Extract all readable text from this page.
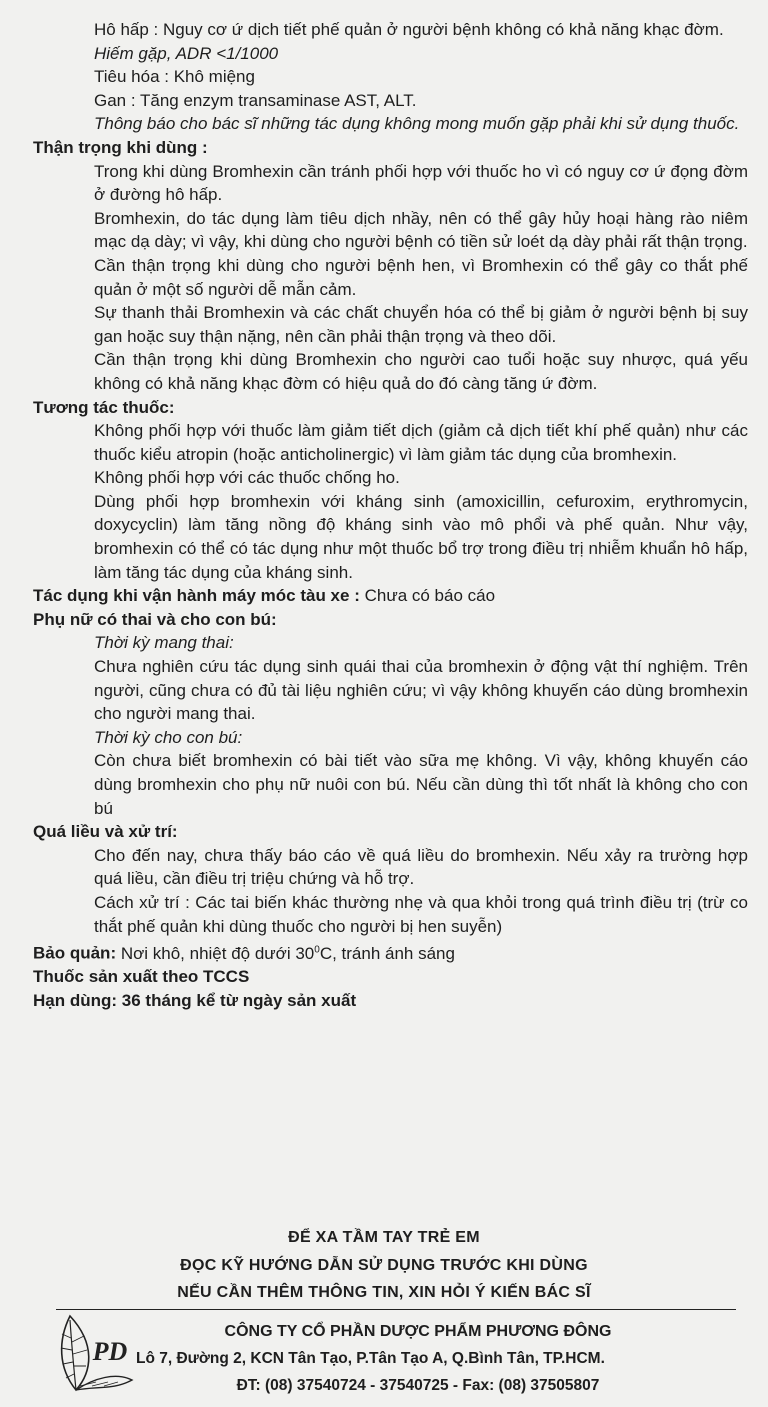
Hô hấp : Nguy cơ ứ dịch tiết phế quản ở người bệnh không có khả năng khạc đờm.

Hiếm gặp, ADR <1/1000

Tiêu hóa : Khô miệng

Gan : Tăng enzym transaminase AST, ALT.

Thông báo cho bác sĩ những tác dụng không mong muốn gặp phải khi sử dụng thuốc.

Thận trọng khi dùng :

Trong khi dùng Bromhexin cần tránh phối hợp với thuốc ho vì có nguy cơ ứ đọng đờm ở đường hô hấp.

Bromhexin, do tác dụng làm tiêu dịch nhầy, nên có thể gây hủy hoại hàng rào niêm mạc dạ dày; vì vậy, khi dùng cho người bệnh có tiền sử loét dạ dày phải rất thận trọng.

Cần thận trọng khi dùng cho người bệnh hen, vì Bromhexin có thể gây co thắt phế quản ở một số người dễ mẫn cảm.

Sự thanh thải Bromhexin và các chất chuyển hóa có thể bị giảm ở người bệnh bị suy gan hoặc suy thận nặng, nên cần phải thận trọng và theo dõi.

Cần thận trọng khi dùng Bromhexin cho người cao tuổi hoặc suy nhược, quá yếu không có khả năng khạc đờm có hiệu quả do đó càng tăng ứ đờm.

Tương tác thuốc:

Không phối hợp với thuốc làm giảm tiết dịch (giảm cả dịch tiết khí phế quản) như các thuốc kiểu atropin (hoặc anticholinergic) vì làm giảm tác dụng của bromhexin.

Không phối hợp với các thuốc chống ho.

Dùng phối hợp bromhexin với kháng sinh (amoxicillin, cefuroxim, erythromycin, doxycyclin) làm tăng nồng độ kháng sinh vào mô phổi và phế quản. Như vậy, bromhexin có thể có tác dụng như một thuốc bổ trợ trong điều trị nhiễm khuẩn hô hấp, làm tăng tác dụng của kháng sinh.

Tác dụng khi vận hành máy móc tàu xe : Chưa có báo cáo

Phụ nữ có thai và cho con bú:

Thời kỳ mang thai:

Chưa nghiên cứu tác dụng sinh quái thai của bromhexin ở động vật thí nghiệm. Trên người, cũng chưa có đủ tài liệu nghiên cứu; vì vậy không khuyến cáo dùng bromhexin cho người mang thai.

Thời kỳ cho con bú:

Còn chưa biết bromhexin có bài tiết vào sữa mẹ không. Vì vậy, không khuyến cáo dùng bromhexin cho phụ nữ nuôi con bú. Nếu cần dùng thì tốt nhất là không cho con bú

Quá liều và xử trí:

Cho đến nay, chưa thấy báo cáo về quá liều do bromhexin. Nếu xảy ra trường hợp quá liều, cần điều trị triệu chứng và hỗ trợ.

Cách xử trí : Các tai biến khác thường nhẹ và qua khỏi trong quá trình điều trị (trừ co thắt phế quản khi dùng thuốc cho người bị hen suyễn)

Bảo quản: Nơi khô, nhiệt độ dưới $30^0C$, tránh ánh sáng

Thuốc sản xuất theo TCCS

Hạn dùng: 36 tháng kể từ ngày sản xuất

ĐỂ XA TẦM TAY TRẺ EM
ĐỌC KỸ HƯỚNG DẪN SỬ DỤNG TRƯỚC KHI DÙNG
NẾU CẦN THÊM THÔNG TIN, XIN HỎI Ý KIẾN BÁC SĨ
PD
CÔNG TY CỔ PHẦN DƯỢC PHẨM PHƯƠNG ĐÔNG
Lô 7, Đường 2, KCN Tân Tạo, P.Tân Tạo A, Q.Bình Tân, TP.HCM.
ĐT: (08) 37540724 - 37540725 - Fax: (08) 37505807
